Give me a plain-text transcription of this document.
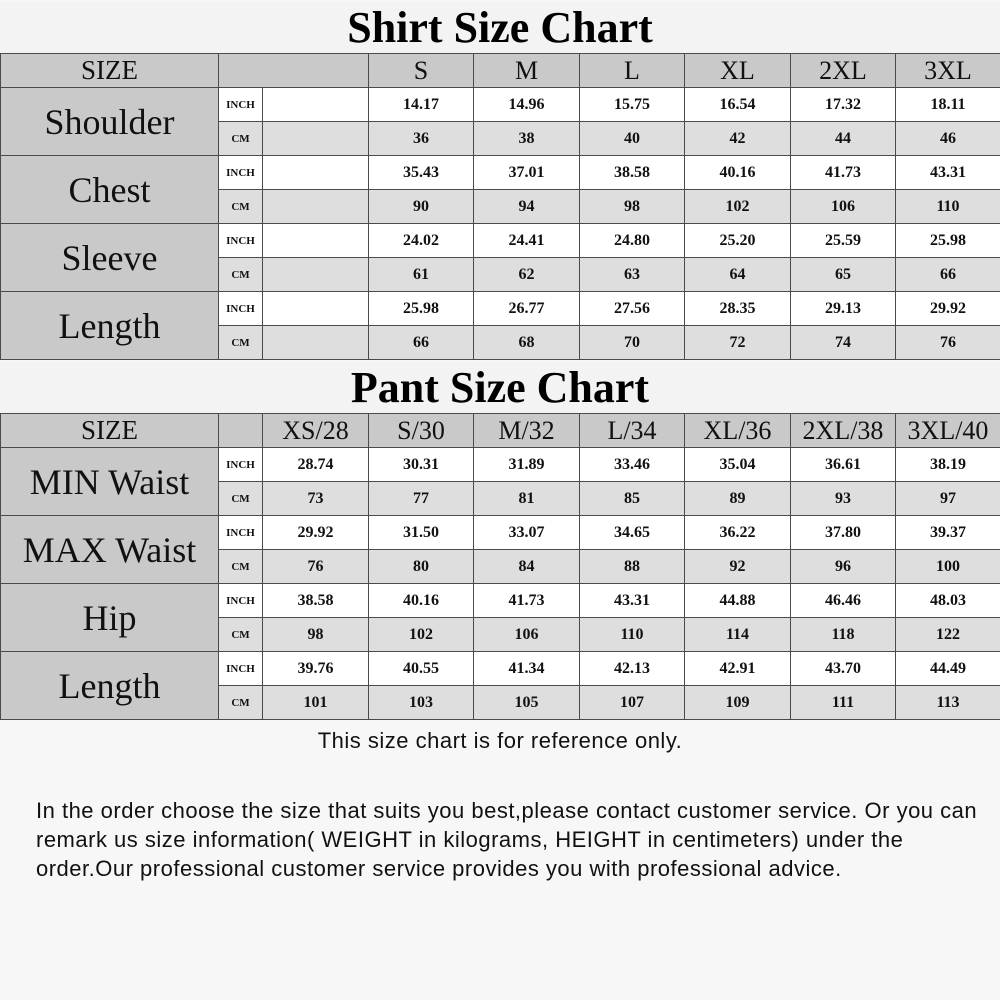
Shirt Size Chart
SIZE			S	M	L	XL	2XL	3XL
Shoulder	INCH		14.17	14.96	15.75	16.54	17.32	18.11
	CM		36	38	40	42	44	46
Chest	INCH		35.43	37.01	38.58	40.16	41.73	43.31
	CM		90	94	98	102	106	110
Sleeve	INCH		24.02	24.41	24.80	25.20	25.59	25.98
	CM		61	62	63	64	65	66
Length	INCH		25.98	26.77	27.56	28.35	29.13	29.92
	CM		66	68	70	72	74	76
Pant Size Chart
SIZE		XS/28	S/30	M/32	L/34	XL/36	2XL/38	3XL/40
MIN Waist	INCH	28.74	30.31	31.89	33.46	35.04	36.61	38.19
	CM	73	77	81	85	89	93	97
MAX Waist	INCH	29.92	31.50	33.07	34.65	36.22	37.80	39.37
	CM	76	80	84	88	92	96	100
Hip	INCH	38.58	40.16	41.73	43.31	44.88	46.46	48.03
	CM	98	102	106	110	114	118	122
Length	INCH	39.76	40.55	41.34	42.13	42.91	43.70	44.49
	CM	101	103	105	107	109	111	113
This size chart is for reference only.
In the order choose the size that suits you best,please contact customer service. Or you can remark us size information( WEIGHT in kilograms, HEIGHT in centimeters) under the order.Our professional customer service provides you with professional advice.
